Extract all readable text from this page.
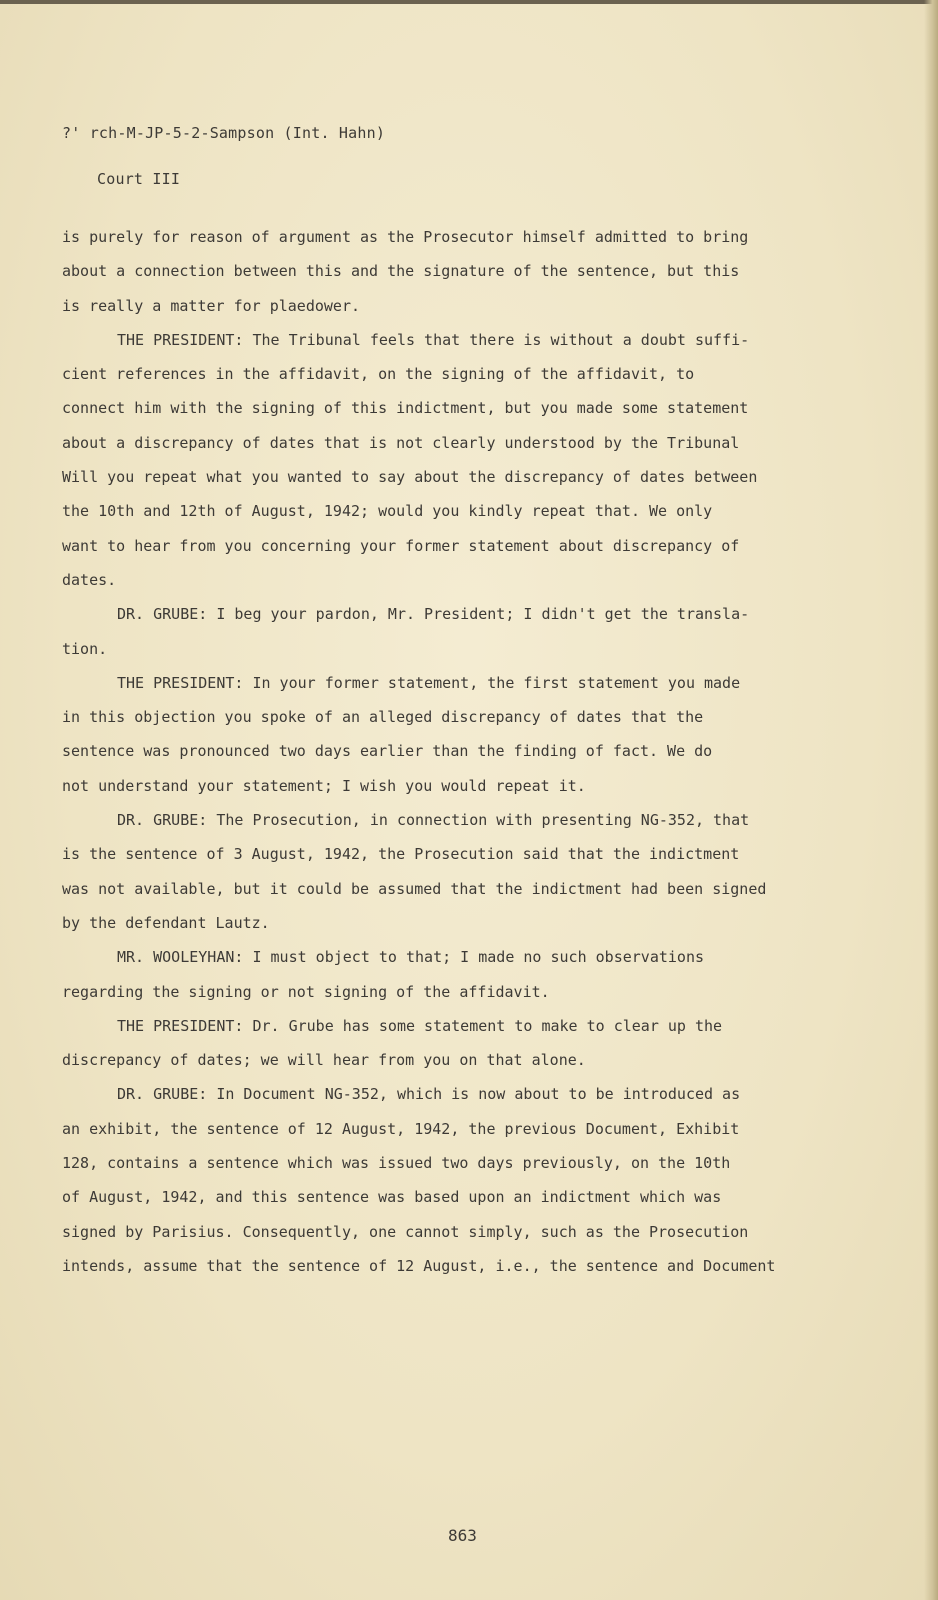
?' rch-M-JP-5-2-Sampson (Int. Hahn)
Court III
is purely for reason of argument as the Prosecutor himself admitted to bring
about a connection between this and the signature of the sentence, but this
is really a matter for plaedower.
THE PRESIDENT: The Tribunal feels that there is without a doubt suffi-
cient references in the affidavit, on the signing of the affidavit, to
connect him with the signing of this indictment, but you made some statement
about a discrepancy of dates that is not clearly understood by the Tribunal
Will you repeat what you wanted to say about the discrepancy of dates between
the 10th and 12th of August, 1942; would you kindly repeat that. We only
want to hear from you concerning your former statement about discrepancy of
dates.
DR. GRUBE: I beg your pardon, Mr. President; I didn't get the transla-
tion.
THE PRESIDENT: In your former statement, the first statement you made
in this objection you spoke of an alleged discrepancy of dates that the
sentence was pronounced two days earlier than the finding of fact. We do
not understand your statement; I wish you would repeat it.
DR. GRUBE: The Prosecution, in connection with presenting NG-352, that
is the sentence of 3 August, 1942, the Prosecution said that the indictment
was not available, but it could be assumed that the indictment had been signed
by the defendant Lautz.
MR. WOOLEYHAN: I must object to that; I made no such observations
regarding the signing or not signing of the affidavit.
THE PRESIDENT: Dr. Grube has some statement to make to clear up the
discrepancy of dates; we will hear from you on that alone.
DR. GRUBE: In Document NG-352, which is now about to be introduced as
an exhibit, the sentence of 12 August, 1942, the previous Document, Exhibit
128, contains a sentence which was issued two days previously, on the 10th
of August, 1942, and this sentence was based upon an indictment which was
signed by Parisius. Consequently, one cannot simply, such as the Prosecution
intends, assume that the sentence of 12 August, i.e., the sentence and Document
863
